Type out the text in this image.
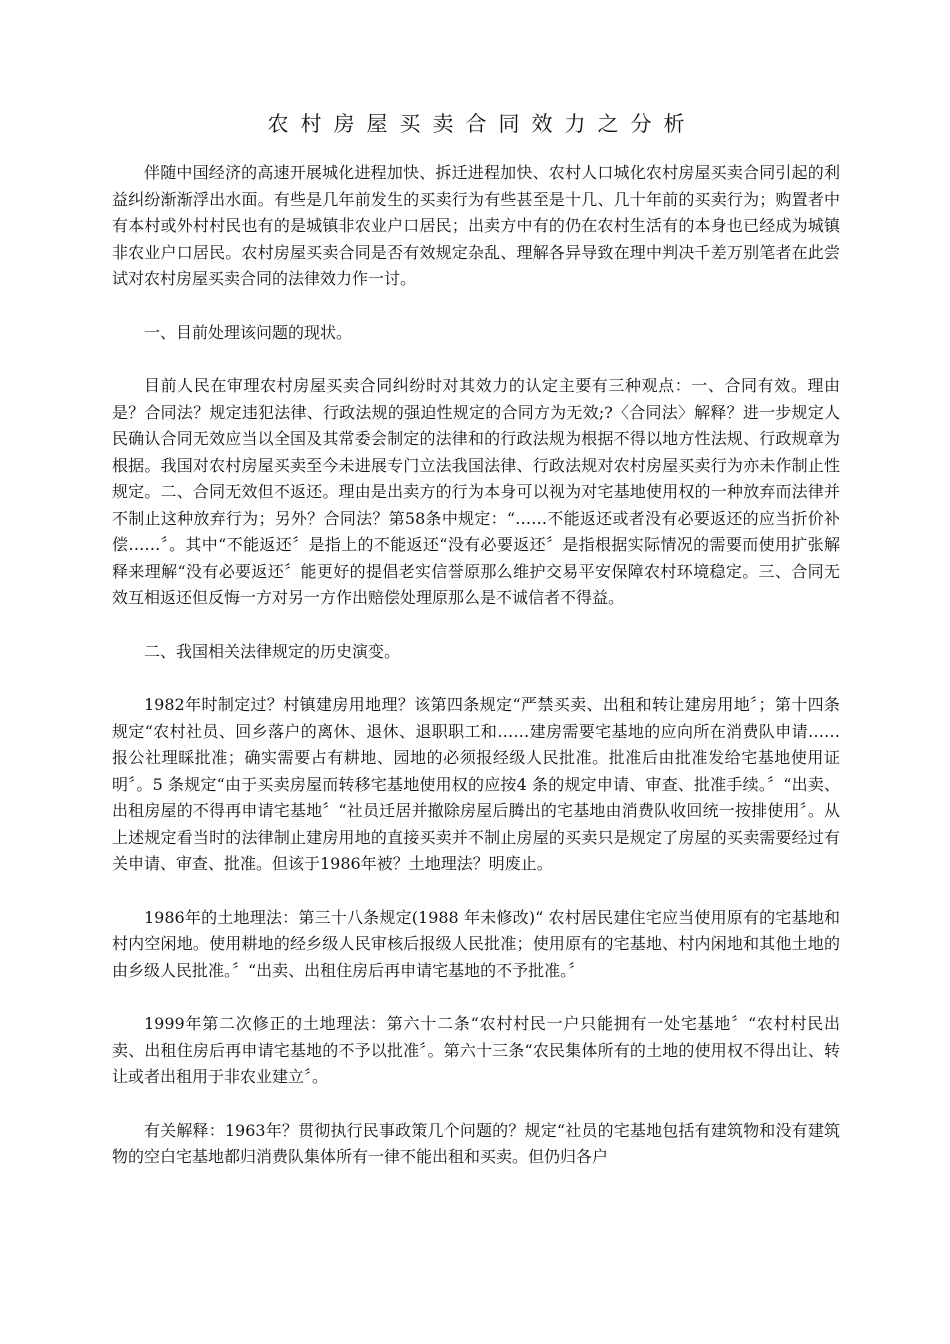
农村房屋买卖合同效力之分析

伴随中国经济的高速开展城化进程加快、拆迁进程加快、农村人口城化农村房屋买卖合同引起的利益纠纷渐渐浮出水面。有些是几年前发生的买卖行为有些甚至是十几、几十年前的买卖行为；购置者中有本村或外村村民也有的是城镇非农业户口居民；出卖方中有的仍在农村生活有的本身也已经成为城镇非农业户口居民。农村房屋买卖合同是否有效规定杂乱、理解各异导致在理中判决千差万别笔者在此尝试对农村房屋买卖合同的法律效力作一讨。

一、目前处理该问题的现状。

目前人民在审理农村房屋买卖合同纠纷时对其效力的认定主要有三种观点：一、合同有效。理由是？合同法？规定违犯法律、行政法规的强迫性规定的合同方为无效;?〈合同法〉解释？进一步规定人民确认合同无效应当以全国及其常委会制定的法律和的行政法规为根据不得以地方性法规、行政规章为根据。我国对农村房屋买卖至今未进展专门立法我国法律、行政法规对农村房屋买卖行为亦未作制止性规定。二、合同无效但不返还。理由是出卖方的行为本身可以视为对宅基地使用权的一种放弃而法律并不制止这种放弃行为；另外？合同法？第58条中规定：“……不能返还或者没有必要返还的应当折价补偿……〞。其中“不能返还〞是指上的不能返还“没有必要返还〞是指根据实际情况的需要而使用扩张解释来理解“没有必要返还〞能更好的提倡老实信誉原那么维护交易平安保障农村环境稳定。三、合同无效互相返还但反悔一方对另一方作出赔偿处理原那么是不诚信者不得益。

二、我国相关法律规定的历史演变。

1982年时制定过？村镇建房用地理？该第四条规定“严禁买卖、出租和转让建房用地〞；第十四条规定“农村社员、回乡落户的离休、退休、退职职工和……建房需要宅基地的应向所在消费队申请……报公社理睬批准；确实需要占有耕地、园地的必须报经级人民批准。批准后由批准发给宅基地使用证明〞。5 条规定“由于买卖房屋而转移宅基地使用权的应按4 条的规定申请、审查、批准手续。〞“出卖、出租房屋的不得再申请宅基地〞“社员迁居并撤除房屋后腾出的宅基地由消费队收回统一按排使用〞。从上述规定看当时的法律制止建房用地的直接买卖并不制止房屋的买卖只是规定了房屋的买卖需要经过有关申请、审查、批准。但该于1986年被？土地理法？明废止。

1986年的土地理法：第三十八条规定(1988 年未修改)“ 农村居民建住宅应当使用原有的宅基地和村内空闲地。使用耕地的经乡级人民审核后报级人民批准；使用原有的宅基地、村内闲地和其他土地的由乡级人民批准。〞“出卖、出租住房后再申请宅基地的不予批准。〞

1999年第二次修正的土地理法：第六十二条“农村村民一户只能拥有一处宅基地〞“农村村民出卖、出租住房后再申请宅基地的不予以批准〞。第六十三条“农民集体所有的土地的使用权不得出让、转让或者出租用于非农业建立〞。

有关解释：1963年？贯彻执行民事政策几个问题的？规定“社员的宅基地包括有建筑物和没有建筑物的空白宅基地都归消费队集体所有一律不能出租和买卖。但仍归各户
